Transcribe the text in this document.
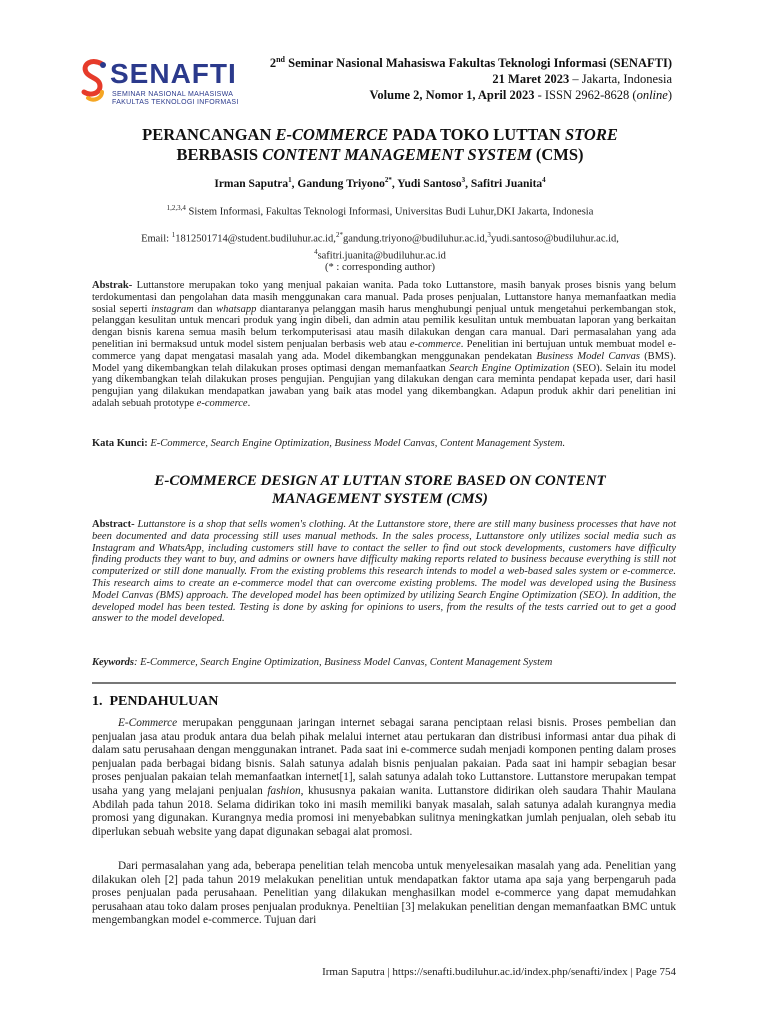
SENAFTI
SEMINAR NASIONAL MAHASISWA
FAKULTAS TEKNOLOGI INFORMASI
2nd Seminar Nasional Mahasiswa Fakultas Teknologi Informasi (SENAFTI)
21 Maret 2023 – Jakarta, Indonesia
Volume 2, Nomor 1, April 2023 - ISSN 2962-8628 (online)
PERANCANGAN E-COMMERCE PADA TOKO LUTTAN STORE
BERBASIS CONTENT MANAGEMENT SYSTEM (CMS)
Irman Saputra$^1$, Gandung Triyono$^{2*}$, Yudi Santoso$^3$, Safitri Juanita$^4$
$^{1,2,3,4}$ Sistem Informasi, Fakultas Teknologi Informasi, Universitas Budi Luhur,DKI Jakarta, Indonesia
Email: $^1$1812501714@student.budiluhur.ac.id,$^{2*}$gandung.triyono@budiluhur.ac.id,$^3$yudi.santoso@budiluhur.ac.id,
$^4$safitri.juanita@budiluhur.ac.id
(* : corresponding author)
Abstrak- Luttanstore merupakan toko yang menjual pakaian wanita. Pada toko Luttanstore, masih banyak proses bisnis yang belum terdokumentasi dan pengolahan data masih menggunakan cara manual. Pada proses penjualan, Luttanstore hanya memanfaatkan media sosial seperti instagram dan whatsapp diantaranya pelanggan masih harus menghubungi penjual untuk mengetahui perkembangan stok, pelanggan kesulitan untuk mencari produk yang ingin dibeli, dan admin atau pemilik kesulitan untuk membuatan laporan yang berkaitan dengan bisnis karena semua masih belum terkomputerisasi atau masih dilakukan dengan cara manual. Dari permasalahan yang ada penelitian ini bermaksud untuk model sistem penjualan berbasis web atau e-commerce. Penelitian ini bertujuan untuk membuat model e-commerce yang dapat mengatasi masalah yang ada. Model dikembangkan menggunakan pendekatan Business Model Canvas (BMS). Model yang dikembangkan telah dilakukan proses optimasi dengan memanfaatkan Search Engine Optimization (SEO). Selain itu model yang dikembangkan telah dilakukan proses pengujian. Pengujian yang dilakukan dengan cara meminta pendapat kepada user, dari hasil pengujian yang dilakukan mendapatkan jawaban yang baik atas model yang dikembangkan. Adapun produk akhir dari penelitian ini adalah sebuah prototype e-commerce.
Kata Kunci: E-Commerce, Search Engine Optimization, Business Model Canvas, Content Management System.
E-COMMERCE DESIGN AT LUTTAN STORE BASED ON CONTENT
MANAGEMENT SYSTEM (CMS)
Abstract- Luttanstore is a shop that sells women's clothing. At the Luttanstore store, there are still many business processes that have not been documented and data processing still uses manual methods. In the sales process, Luttanstore only utilizes social media such as Instagram and WhatsApp, including customers still have to contact the seller to find out stock developments, customers have difficulty finding products they want to buy, and admins or owners have difficulty making reports related to business because everything is still not computerized or still done manually. From the existing problems this research intends to model a web-based sales system or e-commerce. This research aims to create an e-commerce model that can overcome existing problems. The model was developed using the Business Model Canvas (BMS) approach. The developed model has been optimized by utilizing Search Engine Optimization (SEO). In addition, the developed model has been tested. Testing is done by asking for opinions to users, from the results of the tests carried out to get a good answer to the model developed.
Keywords: E-Commerce, Search Engine Optimization, Business Model Canvas, Content Management System
1. PENDAHULUAN
E-Commerce merupakan penggunaan jaringan internet sebagai sarana penciptaan relasi bisnis. Proses pembelian dan penjualan jasa atau produk antara dua belah pihak melalui internet atau pertukaran dan distribusi informasi antar dua pihak di dalam satu perusahaan dengan menggunakan intranet. Pada saat ini e-commerce sudah menjadi komponen penting dalam proses penjualan pada berbagai bidang bisnis. Salah satunya adalah bisnis penjualan pakaian. Pada saat ini hampir sebagian besar proses penjualan pakaian telah memanfaatkan internet[1], salah satunya adalah toko Luttanstore. Luttanstore merupakan tempat usaha yang yang melajani penjualan fashion, khususnya pakaian wanita. Luttanstore didirikan oleh saudara Thahir Maulana Abdilah pada tahun 2018. Selama didirikan toko ini masih memiliki banyak masalah, salah satunya adalah kurangnya media promosi yang digunakan. Kurangnya media promosi ini menyebabkan sulitnya meningkatkan jumlah penjualan, oleh sebab itu diperlukan sebuah website yang dapat digunakan sebagai alat promosi.
Dari permasalahan yang ada, beberapa penelitian telah mencoba untuk menyelesaikan masalah yang ada. Penelitian yang dilakukan oleh [2] pada tahun 2019 melakukan penelitian untuk mendapatkan faktor utama apa saja yang berpengaruh pada proses penjualan pada perusahaan. Penelitian yang dilakukan menghasilkan model e-commerce yang dapat memudahkan perusahaan atau toko dalam proses penjualan produknya. Peneltiian [3] melakukan penelitian dengan memanfaatkan BMC untuk mengembangkan model e-commerce. Tujuan dari
Irman Saputra | https://senafti.budiluhur.ac.id/index.php/senafti/index | Page 754
